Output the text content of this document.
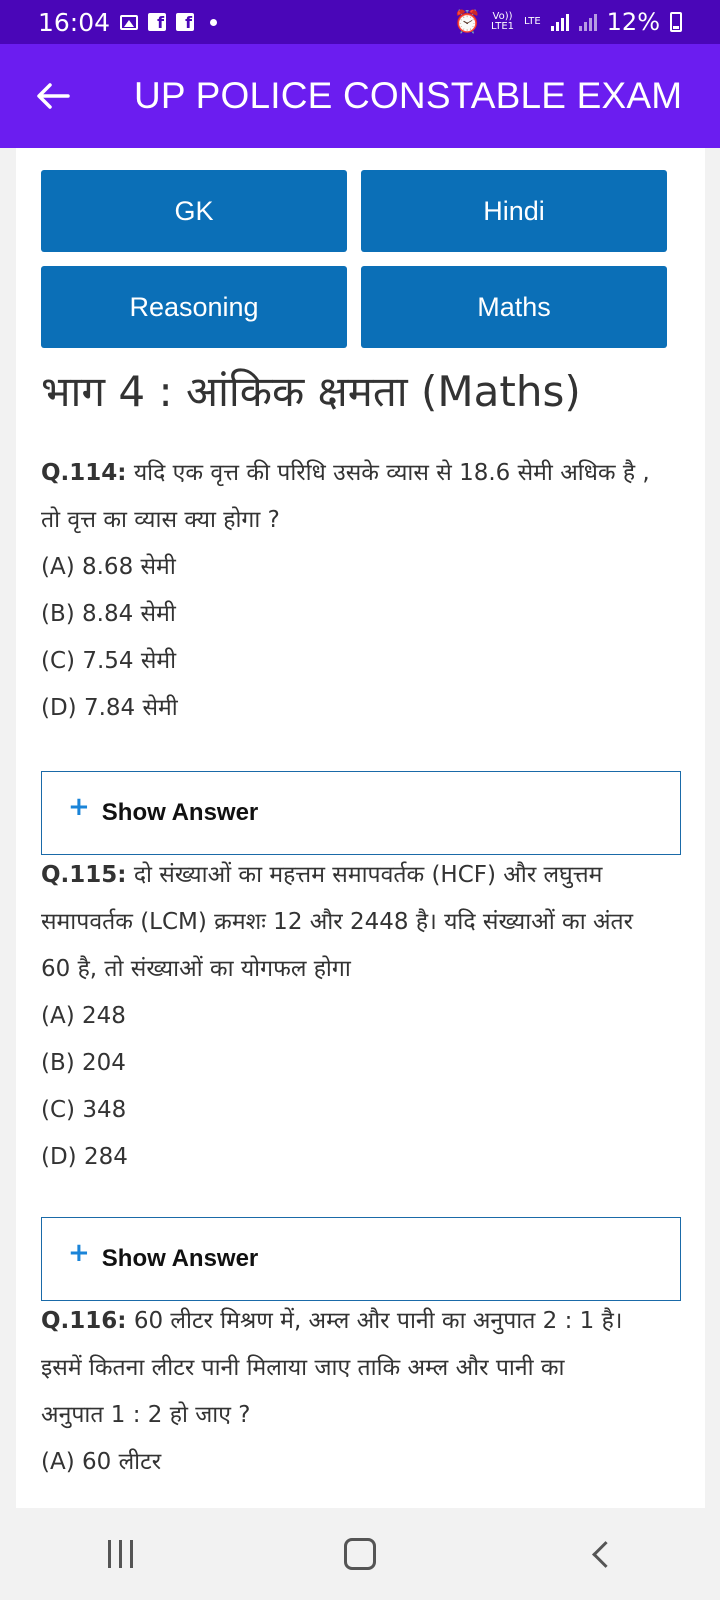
16:04	f	f	⏰ Vo))
LTE1 LTE	12%
UP POLICE CONSTABLE EXAM
GK	Hindi
Reasoning	Maths
भाग 4 : आंकिक क्षमता (Maths)
Q.114: यदि एक वृत्त की परिधि उसके व्यास से 18.6 सेमी अधिक है ,
तो वृत्त का व्यास क्या होगा ?
(A) 8.68 सेमी
(B) 8.84 सेमी
(C) 7.54 सेमी
(D) 7.84 सेमी
+ Show Answer
Q.115: दो संख्याओं का महत्तम समापवर्तक (HCF) और लघुत्तम
समापवर्तक (LCM) क्रमशः 12 और 2448 है। यदि संख्याओं का अंतर
60 है, तो संख्याओं का योगफल होगा
(A) 248
(B) 204
(C) 348
(D) 284
+ Show Answer
Q.116: 60 लीटर मिश्रण में, अम्ल और पानी का अनुपात 2 : 1 है।
इसमें कितना लीटर पानी मिलाया जाए ताकि अम्ल और पानी का
अनुपात 1 : 2 हो जाए ?
(A) 60 लीटर
